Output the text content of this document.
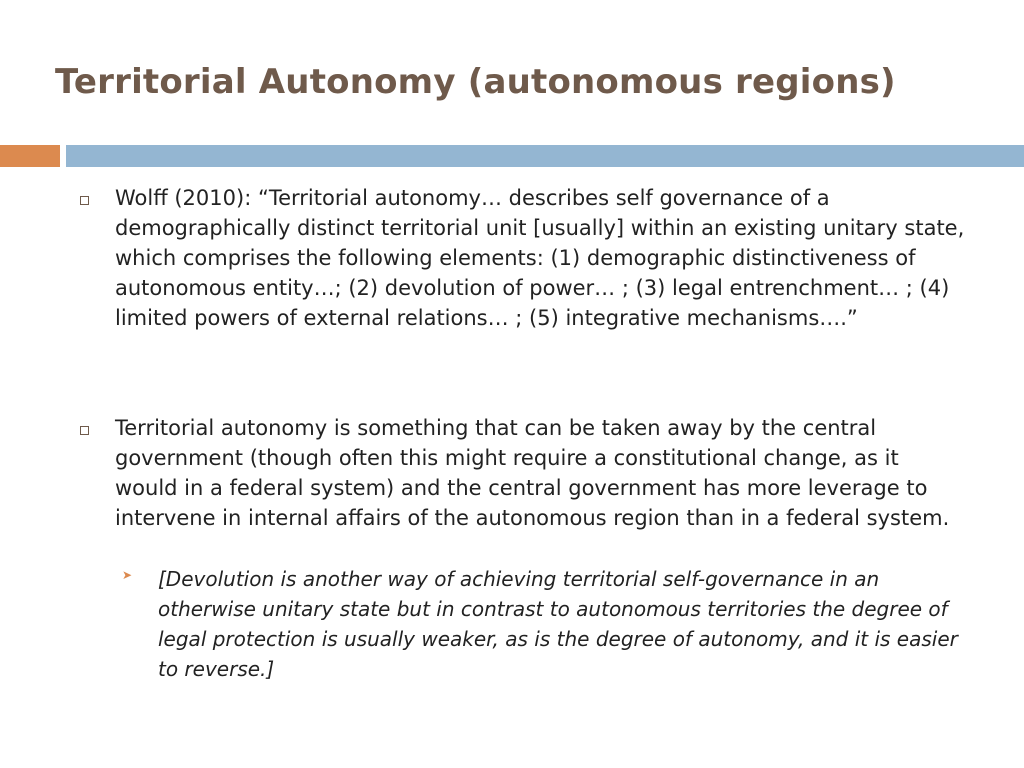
Territorial Autonomy (autonomous regions)

Wolff (2010): “Territorial autonomy… describes self governance of a demographically distinct territorial unit [usually] within an existing unitary state, which comprises the following elements: (1) demographic distinctiveness of autonomous entity…; (2) devolution of power… ; (3) legal entrenchment… ; (4) limited powers of external relations… ; (5) integrative mechanisms….”

Territorial autonomy is something that can be taken away by the central government (though often this might require a constitutional change, as it would in a federal system) and the central government has more leverage to intervene in internal affairs of the autonomous region than in a federal system.

➤ [Devolution is another way of achieving territorial self-governance in an otherwise unitary state but in contrast to autonomous territories the degree of legal protection is usually weaker, as is the degree of autonomy, and it is easier to reverse.]
